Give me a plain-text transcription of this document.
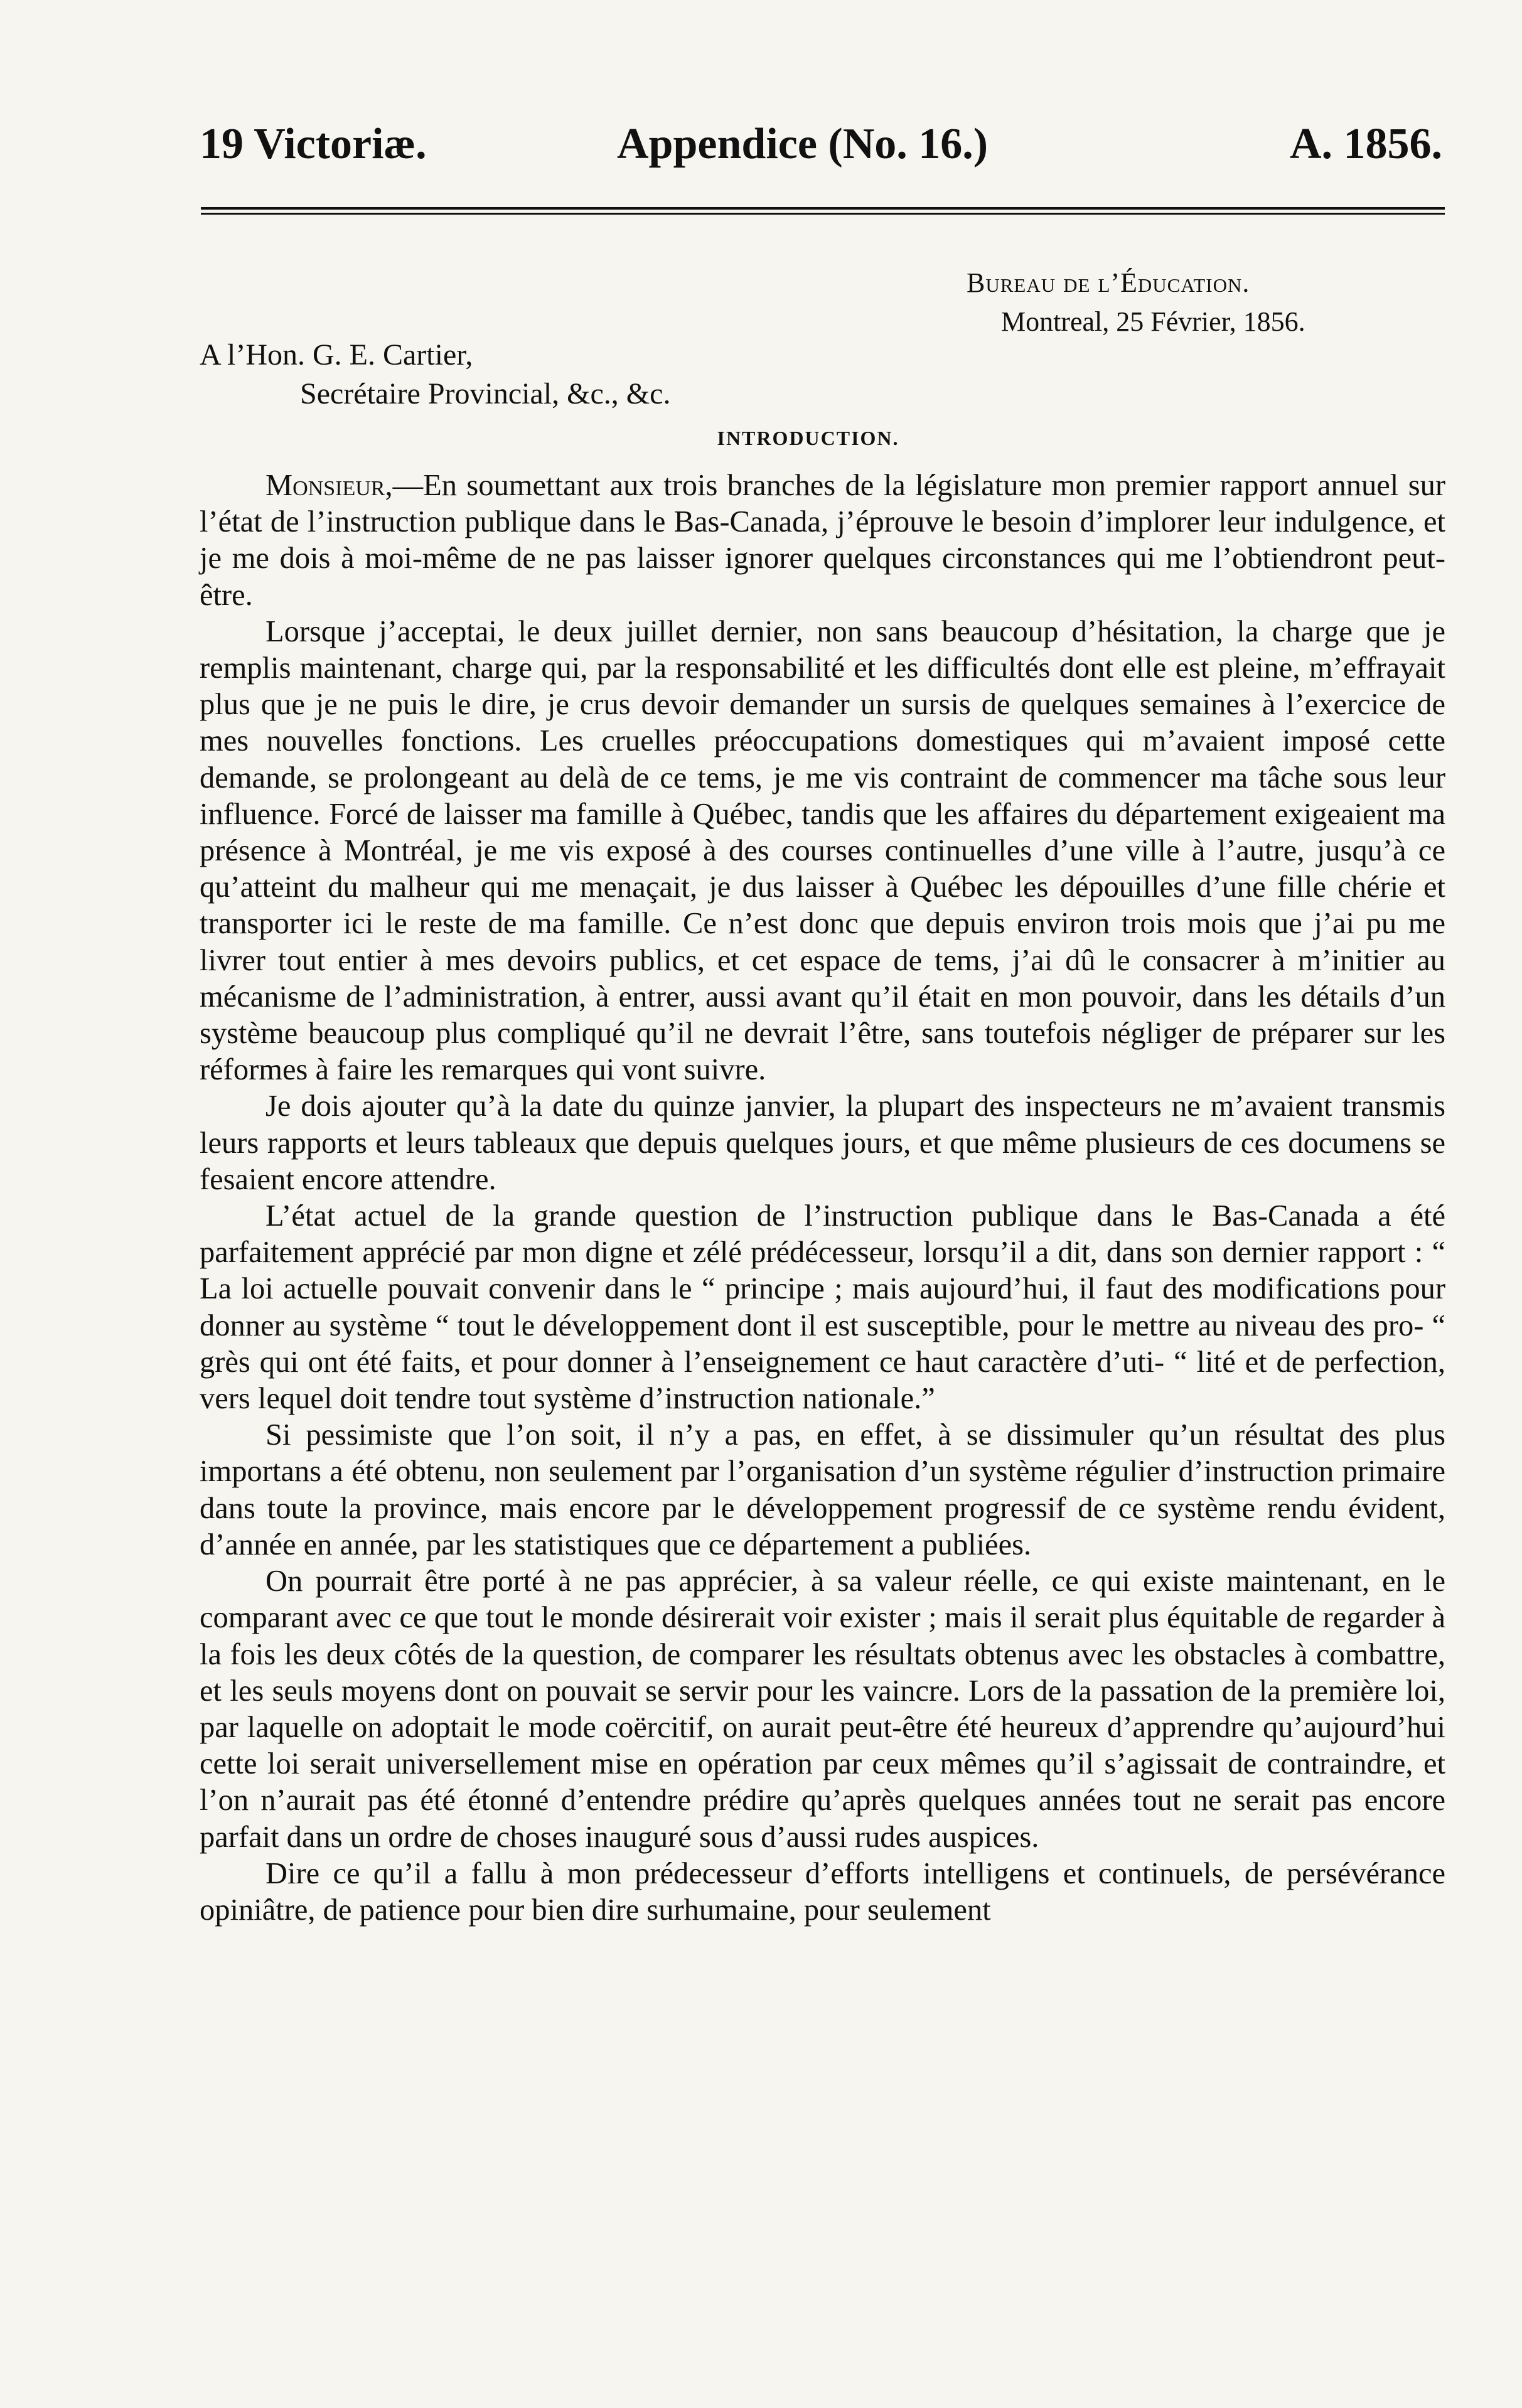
19 Victoriæ.	Appendice (No. 16.)	A. 1856.
Bureau de l’Éducation.
Montreal, 25 Février, 1856.
A l’Hon. G. E. Cartier,
Secrétaire Provincial, &c., &c.
INTRODUCTION.

Monsieur,—En soumettant aux trois branches de la législature mon premier rapport annuel sur l’état de l’instruction publique dans le Bas-Canada, j’éprouve le besoin d’implorer leur indulgence, et je me dois à moi-même de ne pas laisser ignorer quelques circonstances qui me l’obtiendront peut-être.

Lorsque j’acceptai, le deux juillet dernier, non sans beaucoup d’hésitation, la charge que je remplis maintenant, charge qui, par la responsabilité et les difficultés dont elle est pleine, m’effrayait plus que je ne puis le dire, je crus devoir demander un sursis de quelques semaines à l’exercice de mes nouvelles fonctions. Les cruelles préoccupations domestiques qui m’avaient imposé cette demande, se prolongeant au delà de ce tems, je me vis contraint de commencer ma tâche sous leur influence. Forcé de laisser ma famille à Québec, tandis que les affaires du département exigeaient ma présence à Montréal, je me vis exposé à des courses continuelles d’une ville à l’autre, jusqu’à ce qu’atteint du malheur qui me menaçait, je dus laisser à Québec les dépouilles d’une fille chérie et transporter ici le reste de ma famille. Ce n’est donc que depuis environ trois mois que j’ai pu me livrer tout entier à mes devoirs publics, et cet espace de tems, j’ai dû le consacrer à m’initier au mécanisme de l’administration, à entrer, aussi avant qu’il était en mon pouvoir, dans les détails d’un système beaucoup plus compliqué qu’il ne devrait l’être, sans toutefois négliger de préparer sur les réformes à faire les remarques qui vont suivre.

Je dois ajouter qu’à la date du quinze janvier, la plupart des inspecteurs ne m’avaient transmis leurs rapports et leurs tableaux que depuis quelques jours, et que même plusieurs de ces documens se fesaient encore attendre.

L’état actuel de la grande question de l’instruction publique dans le Bas-Canada a été parfaitement apprécié par mon digne et zélé prédécesseur, lorsqu’il a dit, dans son dernier rapport : “ La loi actuelle pouvait convenir dans le “ principe ; mais aujourd’hui, il faut des modifications pour donner au système “ tout le développement dont il est susceptible, pour le mettre au niveau des pro- “ grès qui ont été faits, et pour donner à l’enseignement ce haut caractère d’uti- “ lité et de perfection, vers lequel doit tendre tout système d’instruction nationale.”

Si pessimiste que l’on soit, il n’y a pas, en effet, à se dissimuler qu’un résultat des plus importans a été obtenu, non seulement par l’organisation d’un système régulier d’instruction primaire dans toute la province, mais encore par le développement progressif de ce système rendu évident, d’année en année, par les statistiques que ce département a publiées.

On pourrait être porté à ne pas apprécier, à sa valeur réelle, ce qui existe maintenant, en le comparant avec ce que tout le monde désirerait voir exister ; mais il serait plus équitable de regarder à la fois les deux côtés de la question, de comparer les résultats obtenus avec les obstacles à combattre, et les seuls moyens dont on pouvait se servir pour les vaincre. Lors de la passation de la première loi, par laquelle on adoptait le mode coërcitif, on aurait peut-être été heureux d’apprendre qu’aujourd’hui cette loi serait universellement mise en opération par ceux mêmes qu’il s’agissait de contraindre, et l’on n’aurait pas été étonné d’entendre prédire qu’après quelques années tout ne serait pas encore parfait dans un ordre de choses inauguré sous d’aussi rudes auspices.

Dire ce qu’il a fallu à mon prédecesseur d’efforts intelligens et continuels, de persévérance opiniâtre, de patience pour bien dire surhumaine, pour seulement
